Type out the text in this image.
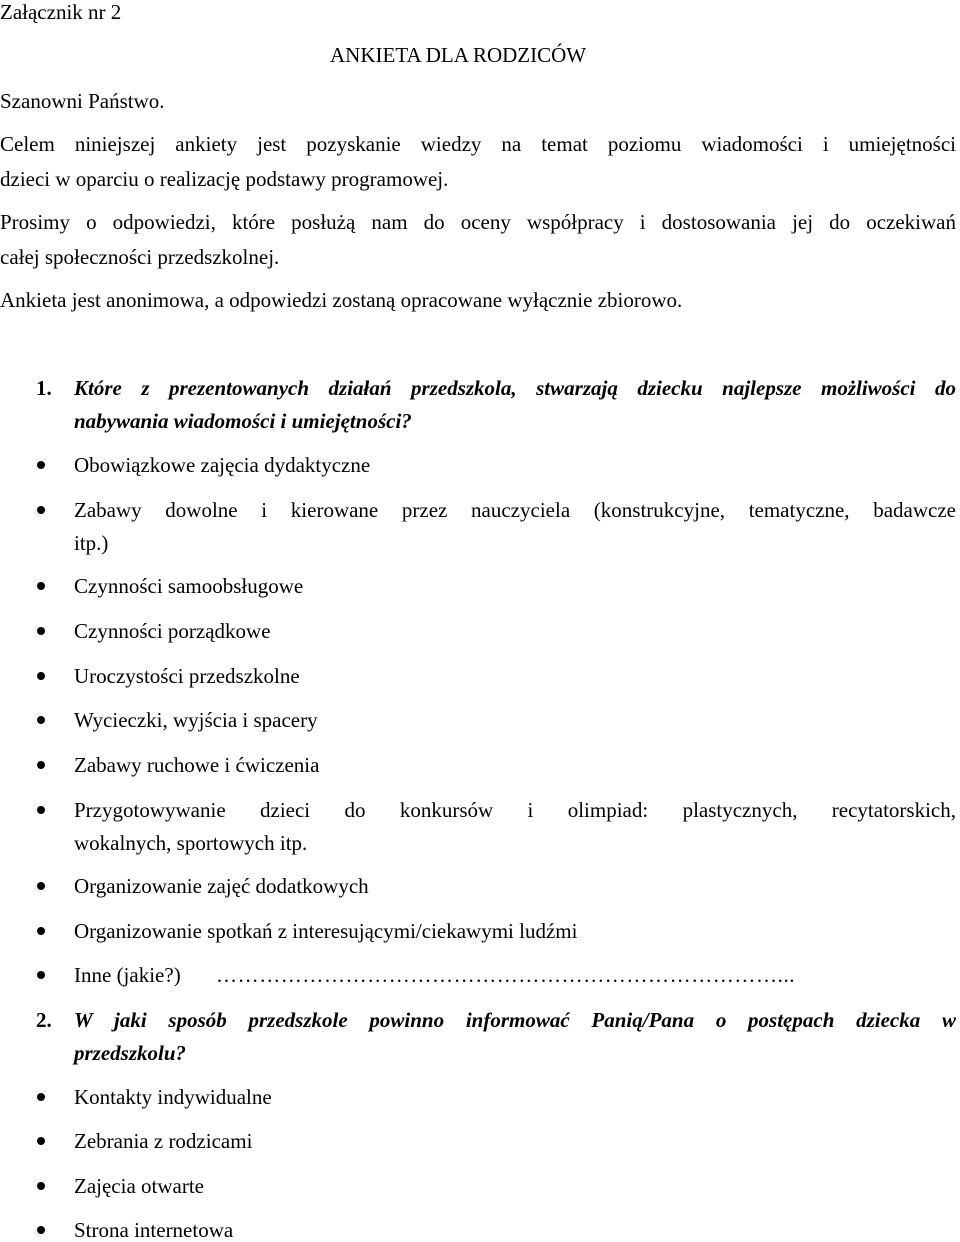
Załącznik nr 2
ANKIETA DLA RODZICÓW
Szanowni Państwo.
Celem niniejszej ankiety jest pozyskanie wiedzy na temat poziomu wiadomości i umiejętności
dzieci w oparciu o realizację podstawy programowej.
Prosimy o odpowiedzi, które posłużą nam do oceny współpracy i dostosowania jej do oczekiwań
całej społeczności przedszkolnej.
Ankieta jest anonimowa, a odpowiedzi zostaną opracowane wyłącznie zbiorowo.
1. Które z prezentowanych działań przedszkola, stwarzają dziecku najlepsze możliwości do
nabywania wiadomości i umiejętności?
Obowiązkowe zajęcia dydaktyczne
Zabawy dowolne i kierowane przez nauczyciela (konstrukcyjne, tematyczne, badawcze
itp.)
Czynności samoobsługowe
Czynności porządkowe
Uroczystości przedszkolne
Wycieczki, wyjścia i spacery
Zabawy ruchowe i ćwiczenia
Przygotowywanie dzieci do konkursów i olimpiad: plastycznych, recytatorskich,
wokalnych, sportowych itp.
Organizowanie zajęć dodatkowych
Organizowanie spotkań z interesującymi/ciekawymi ludźmi
Inne (jakie?) ……………………………………………………………………...
2. W jaki sposób przedszkole powinno informować Panią/Pana o postępach dziecka w
przedszkolu?
Kontakty indywidualne
Zebrania z rodzicami
Zajęcia otwarte
Strona internetowa
